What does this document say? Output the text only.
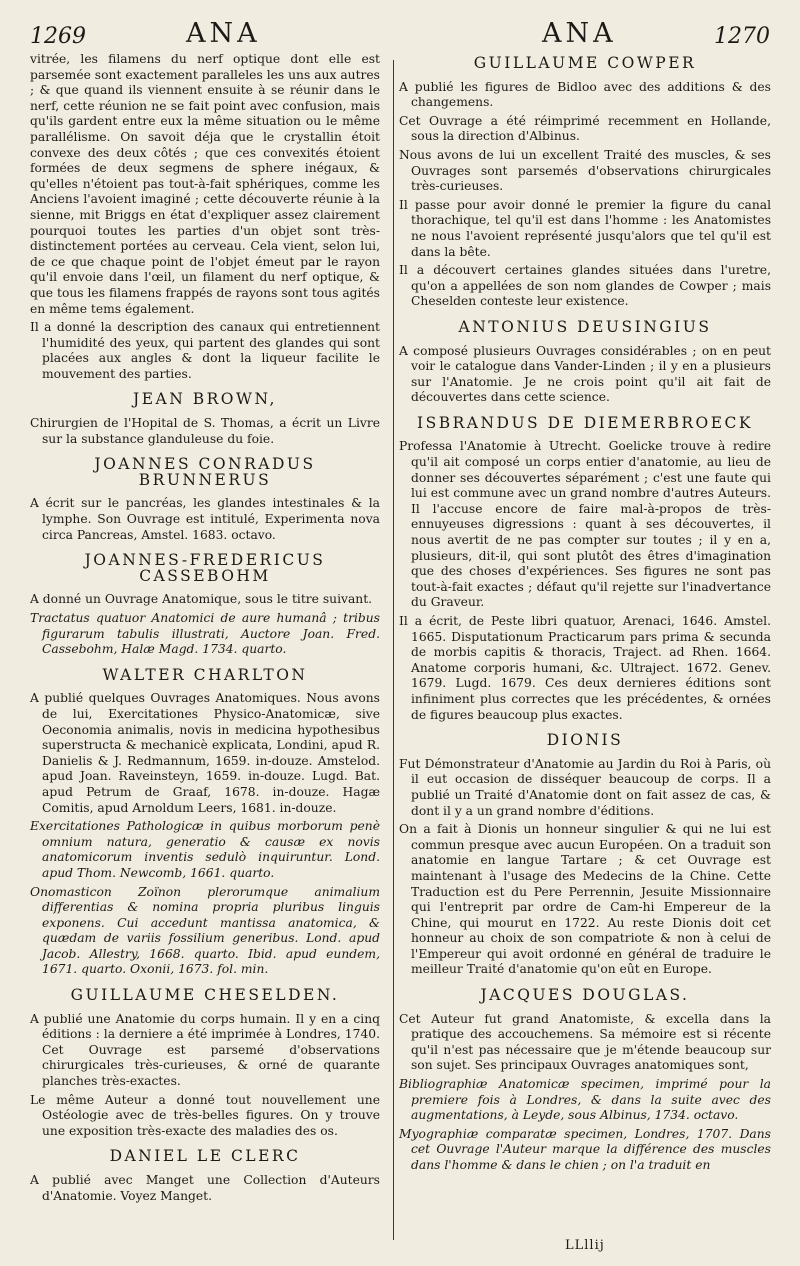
1269	ANA	ANA	1270

vitrée, les filamens du nerf optique dont elle est parsemée sont exactement paralleles les uns aux autres ; & que quand ils viennent ensuite à se réunir dans le nerf, cette réunion ne se fait point avec confusion, mais qu'ils gardent entre eux la même situation ou le même parallélisme. On savoit déja que le crystallin étoit convexe des deux côtés ; que ces convexités étoient formées de deux segmens de sphere inégaux, & qu'elles n'étoient pas tout-à-fait sphériques, comme les Anciens l'avoient imaginé ; cette découverte réunie à la sienne, mit Briggs en état d'expliquer assez clairement pourquoi toutes les parties d'un objet sont très-distinctement portées au cerveau. Cela vient, selon lui, de ce que chaque point de l'objet émeut par le rayon qu'il envoie dans l'œil, un filament du nerf optique, & que tous les filamens frappés de rayons sont tous agités en même tems également.

Il a donné la description des canaux qui entretiennent l'humidité des yeux, qui partent des glandes qui sont placées aux angles & dont la liqueur facilite le mouvement des parties.

JEAN BROWN,

Chirurgien de l'Hopital de S. Thomas, a écrit un Livre sur la substance glanduleuse du foie.

JOANNES CONRADUS BRUNNERUS

A écrit sur le pancréas, les glandes intestinales & la lymphe. Son Ouvrage est intitulé, Experimenta nova circa Pancreas, Amstel. 1683. octavo.

JOANNES-FREDERICUS CASSEBOHM

A donné un Ouvrage Anatomique, sous le titre suivant.

Tractatus quatuor Anatomici de aure humanâ ; tribus figurarum tabulis illustrati, Auctore Joan. Fred. Cassebohm, Halæ Magd. 1734. quarto.

WALTER CHARLTON

A publié quelques Ouvrages Anatomiques. Nous avons de lui, Exercitationes Physico-Anatomicæ, sive Oeconomia animalis, novis in medicina hypothesibus superstructa & mechanicè explicata, Londini, apud R. Danielis & J. Redmannum, 1659. in-douze. Amstelod. apud Joan. Raveinsteyn, 1659. in-douze. Lugd. Bat. apud Petrum de Graaf, 1678. in-douze. Hagæ Comitis, apud Arnoldum Leers, 1681. in-douze.

Exercitationes Pathologicæ in quibus morborum penè omnium natura, generatio & causæ ex novis anatomicorum inventis sedulò inquiruntur. Lond. apud Thom. Newcomb, 1661. quarto.

Onomasticon Zoïnon plerorumque animalium differentias & nomina propria pluribus linguis exponens. Cui accedunt mantissa anatomica, & quædam de variis fossilium generibus. Lond. apud Jacob. Allestry, 1668. quarto. Ibid. apud eundem, 1671. quarto. Oxonii, 1673. fol. min.

GUILLAUME CHESELDEN.

A publié une Anatomie du corps humain. Il y en a cinq éditions : la derniere a été imprimée à Londres, 1740. Cet Ouvrage est parsemé d'observations chirurgicales très-curieuses, & orné de quarante planches très-exactes.

Le même Auteur a donné tout nouvellement une Ostéologie avec de très-belles figures. On y trouve une exposition très-exacte des maladies des os.

DANIEL LE CLERC

A publié avec Manget une Collection d'Auteurs d'Anatomie. Voyez Manget.

GUILLAUME COWPER

A publié les figures de Bidloo avec des additions & des changemens.

Cet Ouvrage a été réimprimé recemment en Hollande, sous la direction d'Albinus.

Nous avons de lui un excellent Traité des muscles, & ses Ouvrages sont parsemés d'observations chirurgicales très-curieuses.

Il passe pour avoir donné le premier la figure du canal thorachique, tel qu'il est dans l'homme : les Anatomistes ne nous l'avoient représenté jusqu'alors que tel qu'il est dans la bête.

Il a découvert certaines glandes situées dans l'uretre, qu'on a appellées de son nom glandes de Cowper ; mais Cheselden conteste leur existence.

ANTONIUS DEUSINGIUS

A composé plusieurs Ouvrages considérables ; on en peut voir le catalogue dans Vander-Linden ; il y en a plusieurs sur l'Anatomie. Je ne crois point qu'il ait fait de découvertes dans cette science.

ISBRANDUS DE DIEMERBROECK

Professa l'Anatomie à Utrecht. Goelicke trouve à redire qu'il ait composé un corps entier d'anatomie, au lieu de donner ses découvertes séparément ; c'est une faute qui lui est commune avec un grand nombre d'autres Auteurs. Il l'accuse encore de faire mal-à-propos de très-ennuyeuses digressions : quant à ses découvertes, il nous avertit de ne pas compter sur toutes ; il y en a, plusieurs, dit-il, qui sont plutôt des êtres d'imagination que des choses d'expériences. Ses figures ne sont pas tout-à-fait exactes ; défaut qu'il rejette sur l'inadvertance du Graveur.

Il a écrit, de Peste libri quatuor, Arenaci, 1646. Amstel. 1665. Disputationum Practicarum pars prima & secunda de morbis capitis & thoracis, Traject. ad Rhen. 1664. Anatome corporis humani, &c. Ultraject. 1672. Genev. 1679. Lugd. 1679. Ces deux dernieres éditions sont infiniment plus correctes que les précédentes, & ornées de figures beaucoup plus exactes.

DIONIS

Fut Démonstrateur d'Anatomie au Jardin du Roi à Paris, où il eut occasion de disséquer beaucoup de corps. Il a publié un Traité d'Anatomie dont on fait assez de cas, & dont il y a un grand nombre d'éditions.

On a fait à Dionis un honneur singulier & qui ne lui est commun presque avec aucun Européen. On a traduit son anatomie en langue Tartare ; & cet Ouvrage est maintenant à l'usage des Medecins de la Chine. Cette Traduction est du Pere Perrennin, Jesuite Missionnaire qui l'entreprit par ordre de Cam-hi Empereur de la Chine, qui mourut en 1722. Au reste Dionis doit cet honneur au choix de son compatriote & non à celui de l'Empereur qui avoit ordonné en général de traduire le meilleur Traité d'anatomie qu'on eût en Europe.

JACQUES DOUGLAS.

Cet Auteur fut grand Anatomiste, & excella dans la pratique des accouchemens. Sa mémoire est si récente qu'il n'est pas nécessaire que je m'étende beaucoup sur son sujet. Ses principaux Ouvrages anatomiques sont,

Bibliographiæ Anatomicæ specimen, imprimé pour la premiere fois à Londres, & dans la suite avec des augmentations, à Leyde, sous Albinus, 1734. octavo.

Myographiæ comparatæ specimen, Londres, 1707. Dans cet Ouvrage l'Auteur marque la différence des muscles dans l'homme & dans le chien ; on l'a traduit en

LLllij
